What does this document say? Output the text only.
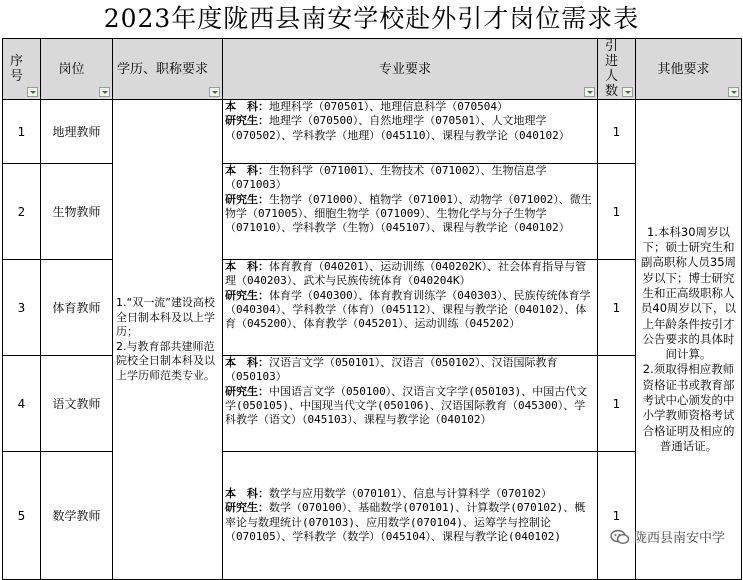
2023年度陇西县南安学校赴外引才岗位需求表
序号	岗位	学历、职称要求	专业要求	引进人数	其他要求

1	地理教师	1.“双一流”建设高校全日制本科及以上学历；
2.与教育部共建师范院校全日制本科及以上学历师范类专业。	本　科：地理科学（070501）、地理信息科学（070504）
研究生：地理学（070500）、自然地理学（070501）、人文地理学（070502）、学科教学（地理）（045110）、课程与教学论（040102）	1	1.本科30周岁以下；硕士研究生和副高职称人员35周岁以下；博士研究生和正高级职称人员40周岁以下，以上年龄条件按引才公告要求的具体时间计算。
2.须取得相应教师资格证书或教育部考试中心颁发的中小学教师资格考试合格证明及相应的普通话证。
2	生物教师		本　科：生物科学（071001）、生物技术（071002）、生物信息学（071003）
研究生：生物学（071000）、植物学（071001）、动物学（071002）、微生物学（071005）、细胞生物学（071009）、生物化学与分子生物学（071010）、学科教学（生物）（045107）、课程与教学论（040102）	1	
3	体育教师		本　科：体育教育（040201）、运动训练（040202K）、社会体育指导与管理（040203）、武术与民族传统体育（040204K）
研究生：体育学（040300）、体育教育训练学（040303）、民族传统体育学（040304）、学科教学（体育）（045112）、课程与教学论（040102）、体育（045200）、体育教学（045201）、运动训练（045202）	1	
4	语文教师		本　科：汉语言文学（050101）、汉语言（050102）、汉语国际教育（050103）
研究生：中国语言文学（050100）、汉语言文字学(050103)、中国古代文学(050105)、中国现当代文学(050106)、汉语国际教育（045300）、学科教学（语文）（045103）、课程与教学论（040102）	1	
5	数学教师		本　科：数学与应用数学（070101）、信息与计算科学（070102）
研究生：数学（070100）、基础数学(070101)、计算数学(070102)、概率论与数理统计(070103)、应用数学(070104)、运筹学与控制论（070105）、学科教学（数学）（045104）、课程与教学论(040102)	1	
陇西县南安中学
